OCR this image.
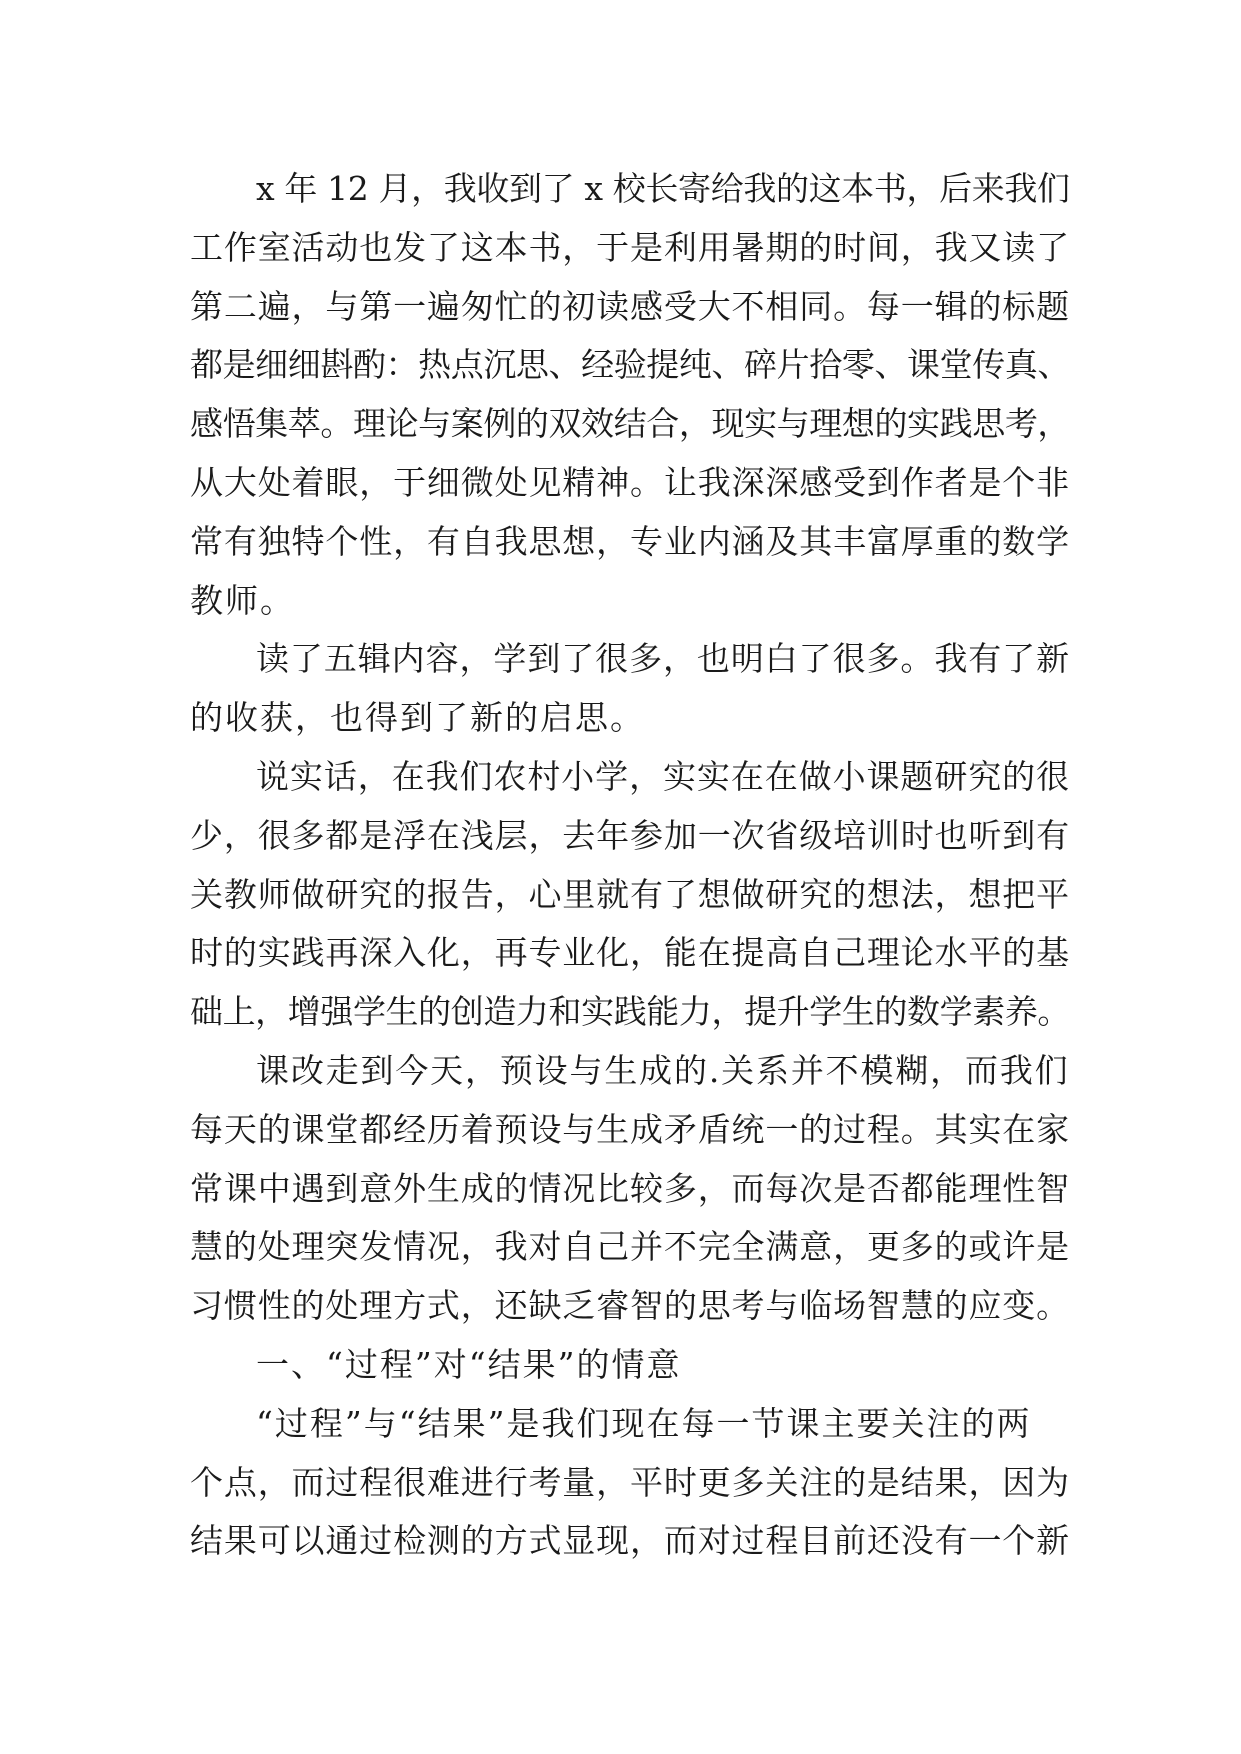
x 年 12 月，我收到了 x 校长寄给我的这本书，后来我们
工作室活动也发了这本书，于是利用暑期的时间，我又读了
第二遍，与第一遍匆忙的初读感受大不相同。每一辑的标题
都是细细斟酌：热点沉思、经验提纯、碎片拾零、课堂传真、
感悟集萃。理论与案例的双效结合，现实与理想的实践思考，
从大处着眼，于细微处见精神。让我深深感受到作者是个非
常有独特个性，有自我思想，专业内涵及其丰富厚重的数学
教师。
读了五辑内容，学到了很多，也明白了很多。我有了新
的收获，也得到了新的启思。
说实话，在我们农村小学，实实在在做小课题研究的很
少，很多都是浮在浅层，去年参加一次省级培训时也听到有
关教师做研究的报告，心里就有了想做研究的想法，想把平
时的实践再深入化，再专业化，能在提高自己理论水平的基
础上，增强学生的创造力和实践能力，提升学生的数学素养。
课改走到今天，预设与生成的.关系并不模糊，而我们
每天的课堂都经历着预设与生成矛盾统一的过程。其实在家
常课中遇到意外生成的情况比较多，而每次是否都能理性智
慧的处理突发情况，我对自己并不完全满意，更多的或许是
习惯性的处理方式，还缺乏睿智的思考与临场智慧的应变。
一、“过程”对“结果”的情意
“过程”与“结果”是我们现在每一节课主要关注的两
个点，而过程很难进行考量，平时更多关注的是结果，因为
结果可以通过检测的方式显现，而对过程目前还没有一个新
